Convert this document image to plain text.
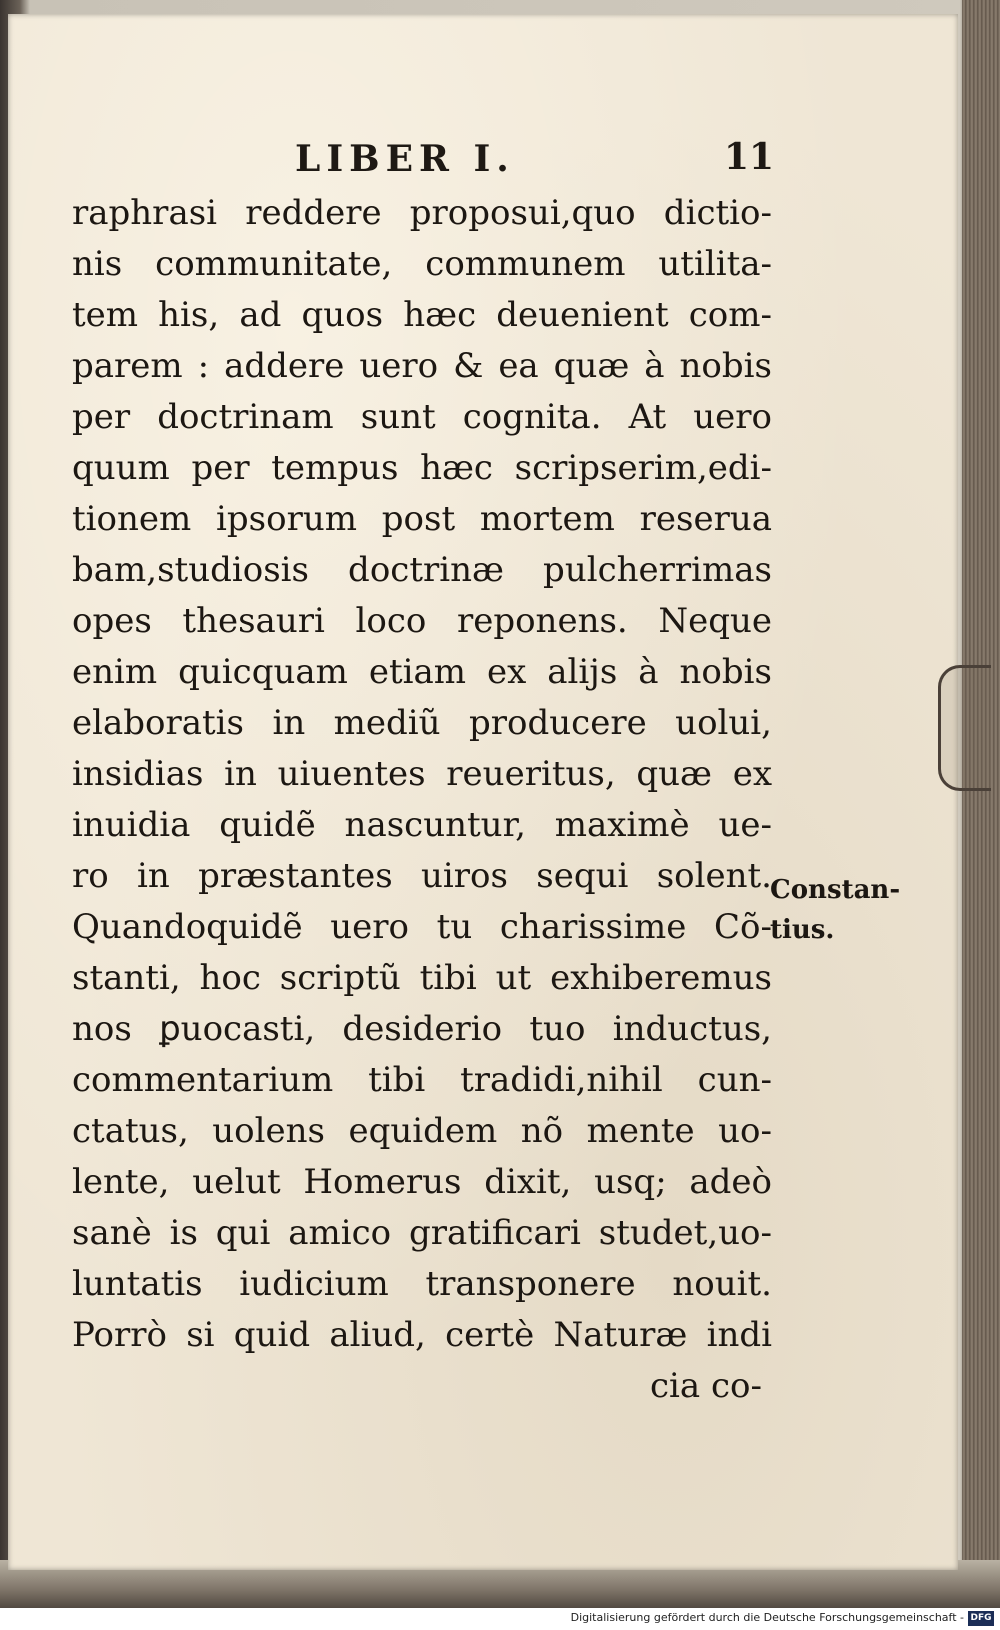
LIBER I.	11
raphrasi reddere proposui,quo dictio-
nis communitate, communem utilita-
tem his, ad quos hæc deuenient com-
parem : addere uero & ea quæ à nobis
per doctrinam sunt cognita. At uero
quum per tempus hæc scripserim,edi-
tionem ipsorum post mortem reserua
bam,studiosis doctrinæ pulcherrimas
opes thesauri loco reponens. Neque
enim quicquam etiam ex aliјs à nobis
elaboratis in mediũ producere uolui,
insidias in uiuentes reueritus, quæ ex
inuidia quidẽ nascuntur, maximè ue-
ro in præstantes uiros sequi solent.
Quandoquidẽ uero tu charissime Cõ-
stanti, hoc scriptũ tibi ut exhiberemus
nos ꝑuocasti, desiderio tuo inductus,
commentarium tibi tradidi,nihil cun-
ctatus, uolens equidem nõ mente uo-
lente, uelut Homerus dixit, usq; adeò
sanè is qui amico gratificari studet,uo-
luntatis iudicium transponere nouit.
Porrò si quid aliud, certè Naturæ indi
cia co-
Constan-
tius.
Digitalisierung gefördert durch die Deutsche Forschungsgemeinschaft - DFG
